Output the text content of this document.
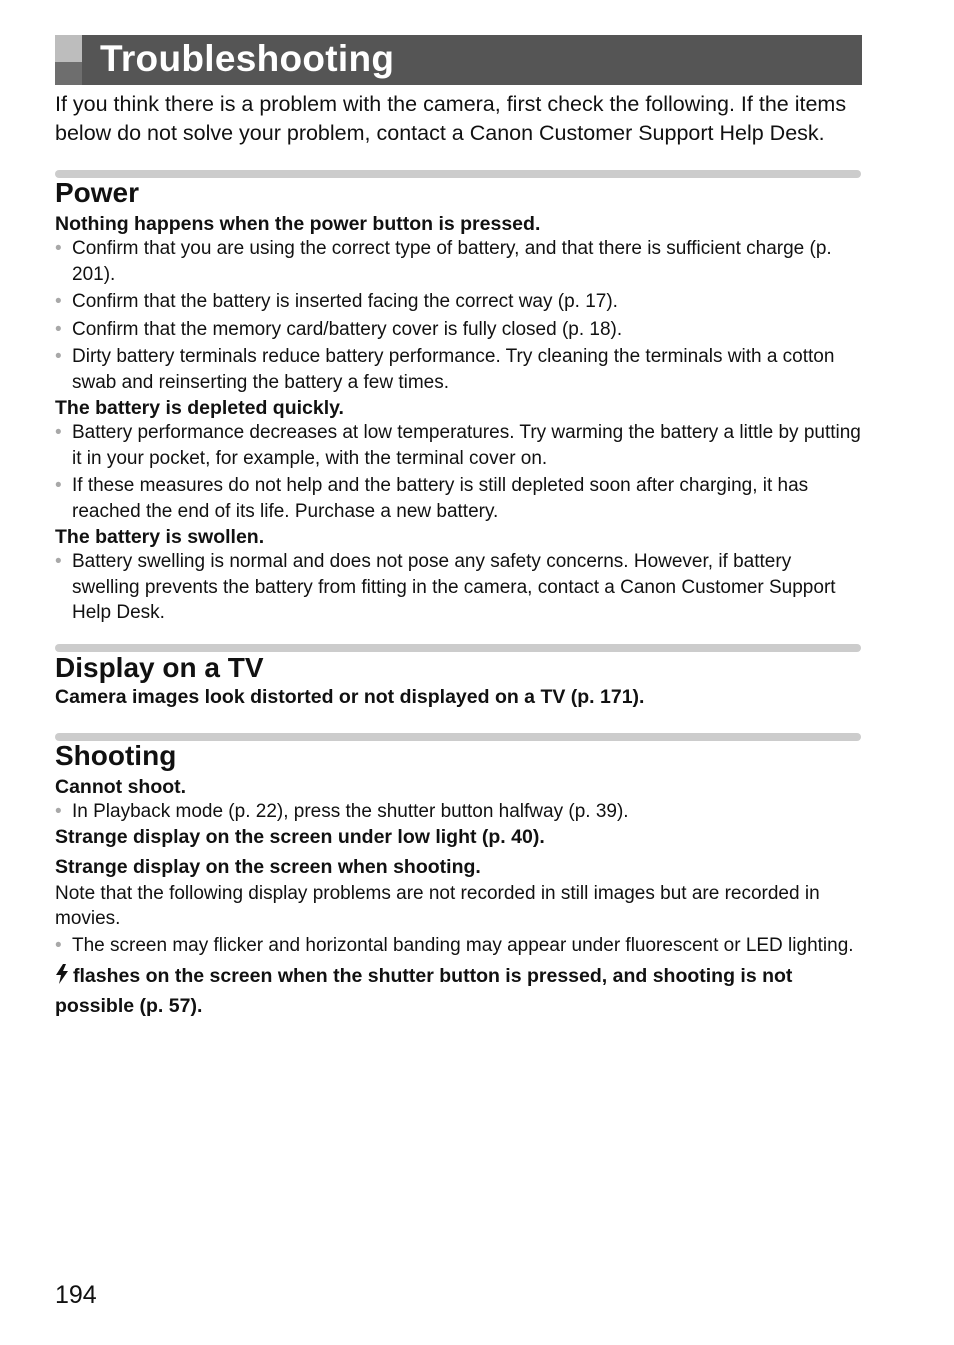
Troubleshooting

If you think there is a problem with the camera, first check the following. If the items below do not solve your problem, contact a Canon Customer Support Help Desk.

Power

Nothing happens when the power button is pressed.

• Confirm that you are using the correct type of battery, and that there is sufficient charge (p. 201).
• Confirm that the battery is inserted facing the correct way (p. 17).
• Confirm that the memory card/battery cover is fully closed (p. 18).
• Dirty battery terminals reduce battery performance. Try cleaning the terminals with a cotton swab and reinserting the battery a few times.

The battery is depleted quickly.

• Battery performance decreases at low temperatures. Try warming the battery a little by putting it in your pocket, for example, with the terminal cover on.
• If these measures do not help and the battery is still depleted soon after charging, it has reached the end of its life. Purchase a new battery.

The battery is swollen.

• Battery swelling is normal and does not pose any safety concerns. However, if battery swelling prevents the battery from fitting in the camera, contact a Canon Customer Support Help Desk.
Display on a TV

Camera images look distorted or not displayed on a TV (p. 171).

Shooting

Cannot shoot.

• In Playback mode (p. 22), press the shutter button halfway (p. 39).

Strange display on the screen under low light (p. 40).

Strange display on the screen when shooting.

Note that the following display problems are not recorded in still images but are recorded in movies.

• The screen may flicker and horizontal banding may appear under fluorescent or LED lighting.

flashes on the screen when the shutter button is pressed, and shooting is not possible (p. 57).

194
